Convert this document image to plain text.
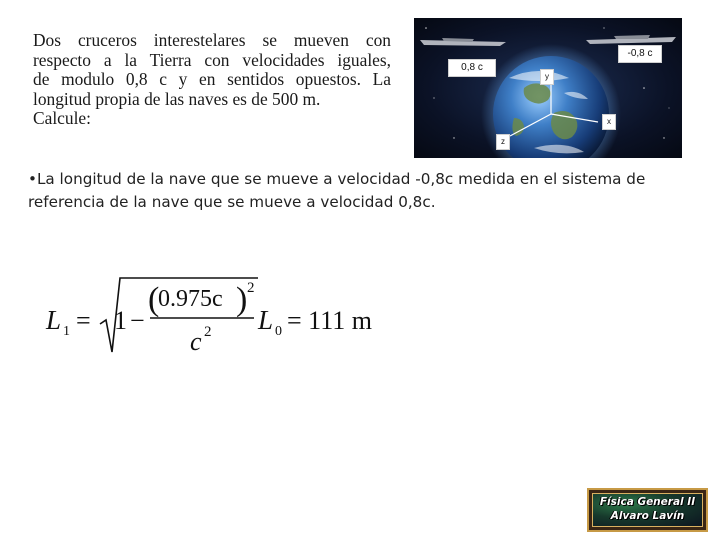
Dos cruceros interestelares se mueven con
respecto a la Tierra con velocidades iguales,
de modulo 0,8 c y en sentidos opuestos. La
longitud propia de las naves es de 500 m.
Calcule:
0,8 c
-0,8 c
y
x
z
•La longitud de la nave que se mueve a velocidad -0,8c medida en el sistema de referencia de la nave que se mueve a velocidad 0,8c.
L 1 = 1 −
(
0.975c ) 2
c 2 L 0 = 111 m
Física General II
Alvaro Lavín
